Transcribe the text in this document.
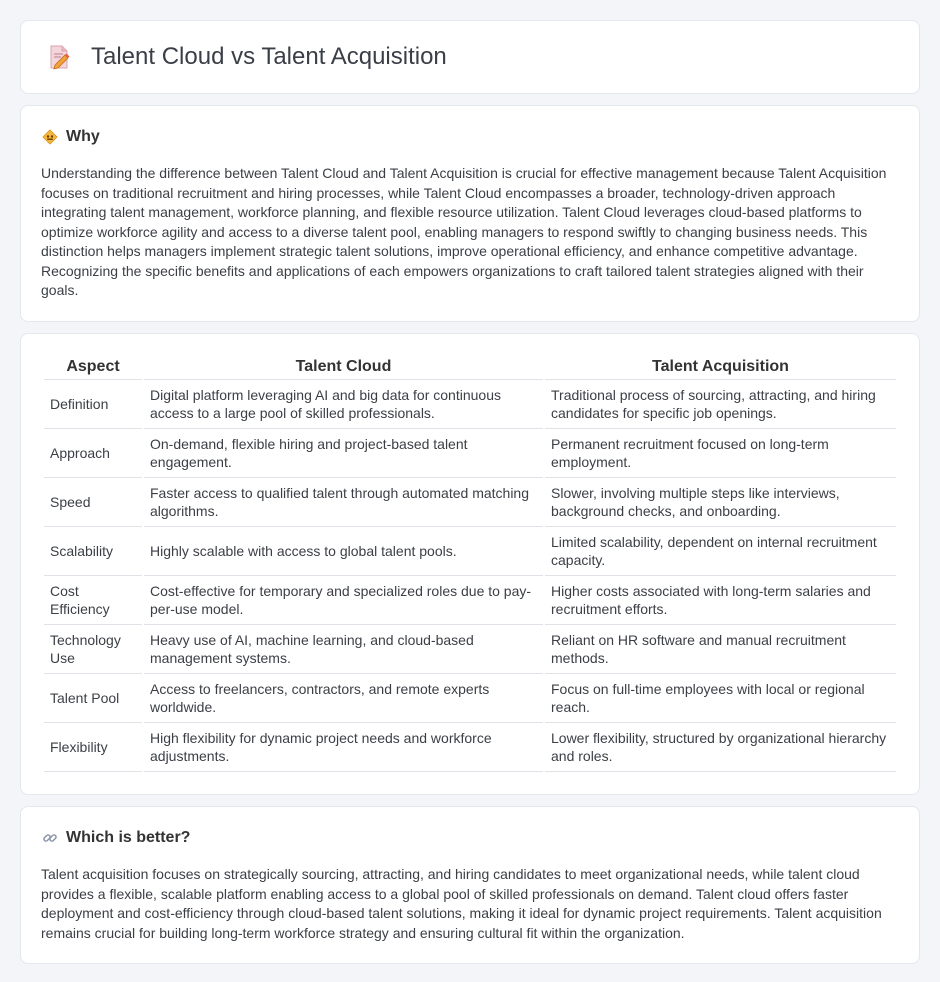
Talent Cloud vs Talent Acquisition
Why

Understanding the difference between Talent Cloud and Talent Acquisition is crucial for effective management because Talent Acquisition focuses on traditional recruitment and hiring processes, while Talent Cloud encompasses a broader, technology-driven approach integrating talent management, workforce planning, and flexible resource utilization. Talent Cloud leverages cloud-based platforms to optimize workforce agility and access to a diverse talent pool, enabling managers to respond swiftly to changing business needs. This distinction helps managers implement strategic talent solutions, improve operational efficiency, and enhance competitive advantage. Recognizing the specific benefits and applications of each empowers organizations to craft tailored talent strategies aligned with their goals.

Aspect	Talent Cloud	Talent Acquisition
Definition	Digital platform leveraging AI and big data for continuous access to a large pool of skilled professionals.	Traditional process of sourcing, attracting, and hiring candidates for specific job openings.
Approach	On-demand, flexible hiring and project-based talent engagement.	Permanent recruitment focused on long-term employment.
Speed	Faster access to qualified talent through automated matching algorithms.	Slower, involving multiple steps like interviews, background checks, and onboarding.
Scalability	Highly scalable with access to global talent pools.	Limited scalability, dependent on internal recruitment capacity.
Cost Efficiency	Cost-effective for temporary and specialized roles due to pay-per-use model.	Higher costs associated with long-term salaries and recruitment efforts.
Technology Use	Heavy use of AI, machine learning, and cloud-based management systems.	Reliant on HR software and manual recruitment methods.
Talent Pool	Access to freelancers, contractors, and remote experts worldwide.	Focus on full-time employees with local or regional reach.
Flexibility	High flexibility for dynamic project needs and workforce adjustments.	Lower flexibility, structured by organizational hierarchy and roles.
Which is better?

Talent acquisition focuses on strategically sourcing, attracting, and hiring candidates to meet organizational needs, while talent cloud provides a flexible, scalable platform enabling access to a global pool of skilled professionals on demand. Talent cloud offers faster deployment and cost-efficiency through cloud-based talent solutions, making it ideal for dynamic project requirements. Talent acquisition remains crucial for building long-term workforce strategy and ensuring cultural fit within the organization.
